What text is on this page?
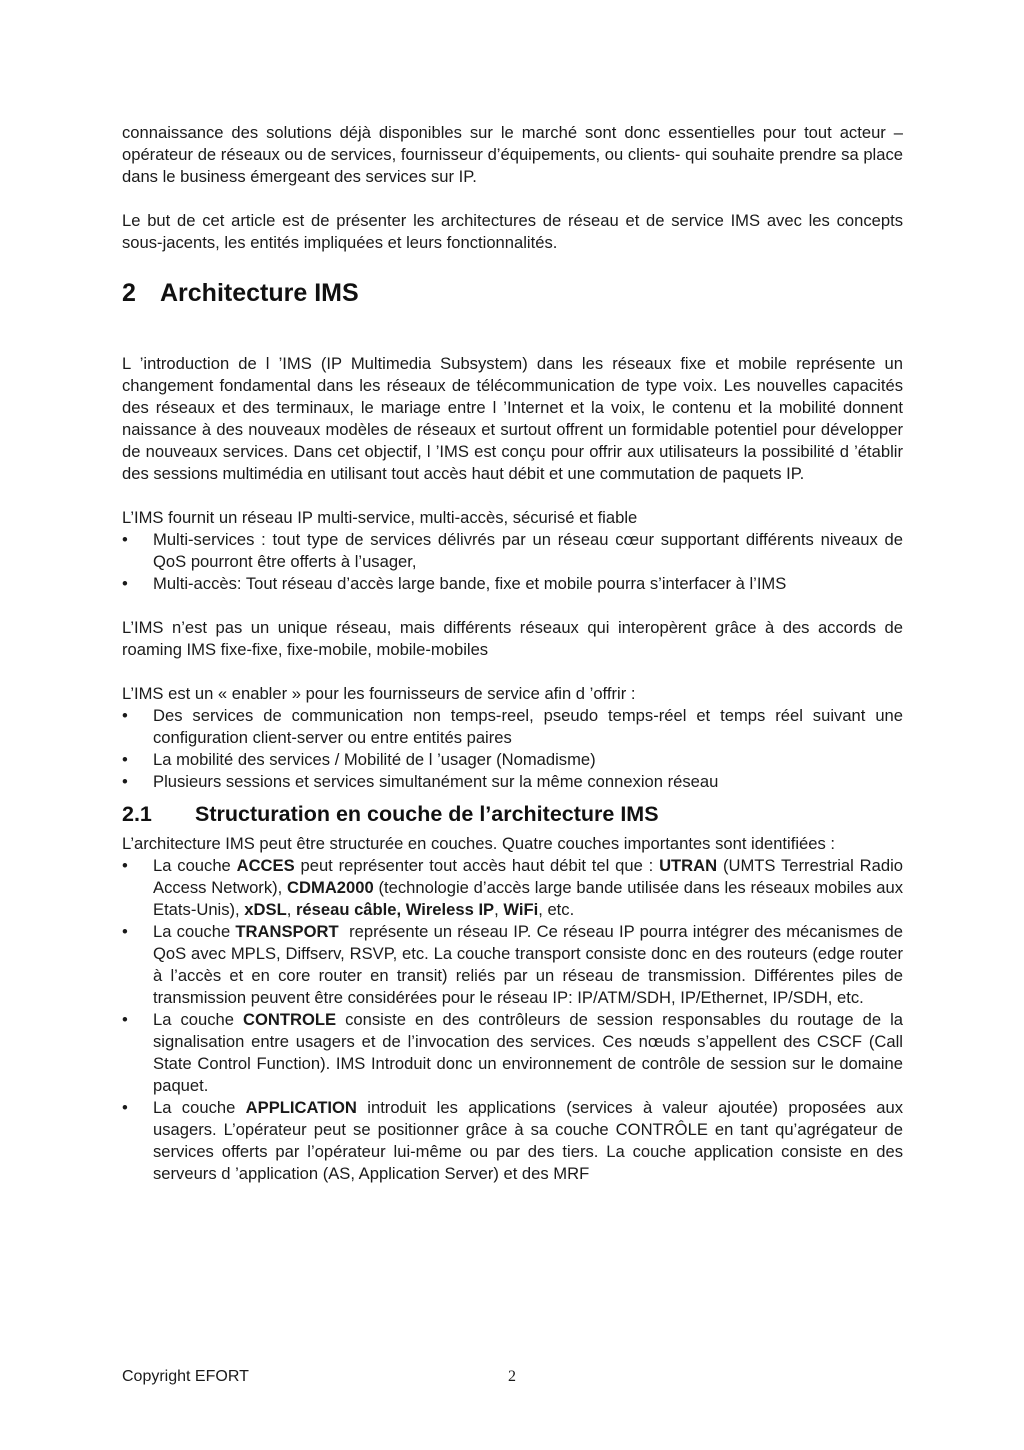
connaissance des solutions déjà disponibles sur le marché sont donc essentielles pour tout acteur –opérateur de réseaux ou de services, fournisseur d’équipements, ou clients- qui souhaite prendre sa place dans le business émergeant des services sur IP.

Le but de cet article est de présenter les architectures de réseau et de service IMS avec les concepts sous-jacents, les entités impliquées et leurs fonctionnalités.

2 Architecture IMS

L ’introduction de l ’IMS (IP Multimedia Subsystem) dans les réseaux fixe et mobile représente un changement fondamental dans les réseaux de télécommunication de type voix. Les nouvelles capacités des réseaux et des terminaux, le mariage entre l ’Internet et la voix, le contenu et la mobilité donnent naissance à des nouveaux modèles de réseaux et surtout offrent un formidable potentiel pour développer de nouveaux services. Dans cet objectif, l ’IMS est conçu pour offrir aux utilisateurs la possibilité d ’établir des sessions multimédia en utilisant tout accès haut débit et une commutation de paquets IP.

L’IMS fournit un réseau IP multi-service, multi-accès, sécurisé et fiable

• Multi-services : tout type de services délivrés par un réseau cœur supportant différents niveaux de QoS pourront être offerts à l’usager,
• Multi-accès: Tout réseau d’accès large bande, fixe et mobile pourra s’interfacer à l’IMS

L’IMS n’est pas un unique réseau, mais différents réseaux qui interopèrent grâce à des accords de roaming IMS fixe-fixe, fixe-mobile, mobile-mobiles

L’IMS est un « enabler » pour les fournisseurs de service afin d ’offrir :

• Des services de communication non temps-reel, pseudo temps-réel et temps réel suivant une configuration client-server ou entre entités paires
• La mobilité des services / Mobilité de l ’usager (Nomadisme)
• Plusieurs sessions et services simultanément sur la même connexion réseau
2.1 Structuration en couche de l’architecture IMS

L’architecture IMS peut être structurée en couches. Quatre couches importantes sont identifiées :

• La couche ACCES peut représenter tout accès haut débit tel que : UTRAN (UMTS Terrestrial Radio Access Network), CDMA2000 (technologie d’accès large bande utilisée dans les réseaux mobiles aux Etats-Unis), xDSL, réseau câble, Wireless IP, WiFi, etc.
• La couche TRANSPORT  représente un réseau IP. Ce réseau IP pourra intégrer des mécanismes de QoS avec MPLS, Diffserv, RSVP, etc. La couche transport consiste donc en des routeurs (edge router à l’accès et en core router en transit) reliés par un réseau de transmission. Différentes piles de transmission peuvent être considérées pour le réseau IP: IP/ATM/SDH, IP/Ethernet, IP/SDH, etc.
• La couche CONTROLE consiste en des contrôleurs de session responsables du routage de la signalisation entre usagers et de l’invocation des services. Ces nœuds s’appellent des CSCF (Call State Control Function). IMS Introduit donc un environnement de contrôle de session sur le domaine paquet.
• La couche APPLICATION introduit les applications (services à valeur ajoutée) proposées aux usagers. L’opérateur peut se positionner grâce à sa couche CONTRÔLE en tant qu’agrégateur de services offerts par l’opérateur lui-même ou par des tiers. La couche application consiste en des serveurs d ’application (AS, Application Server) et des MRF
Copyright EFORT	2
